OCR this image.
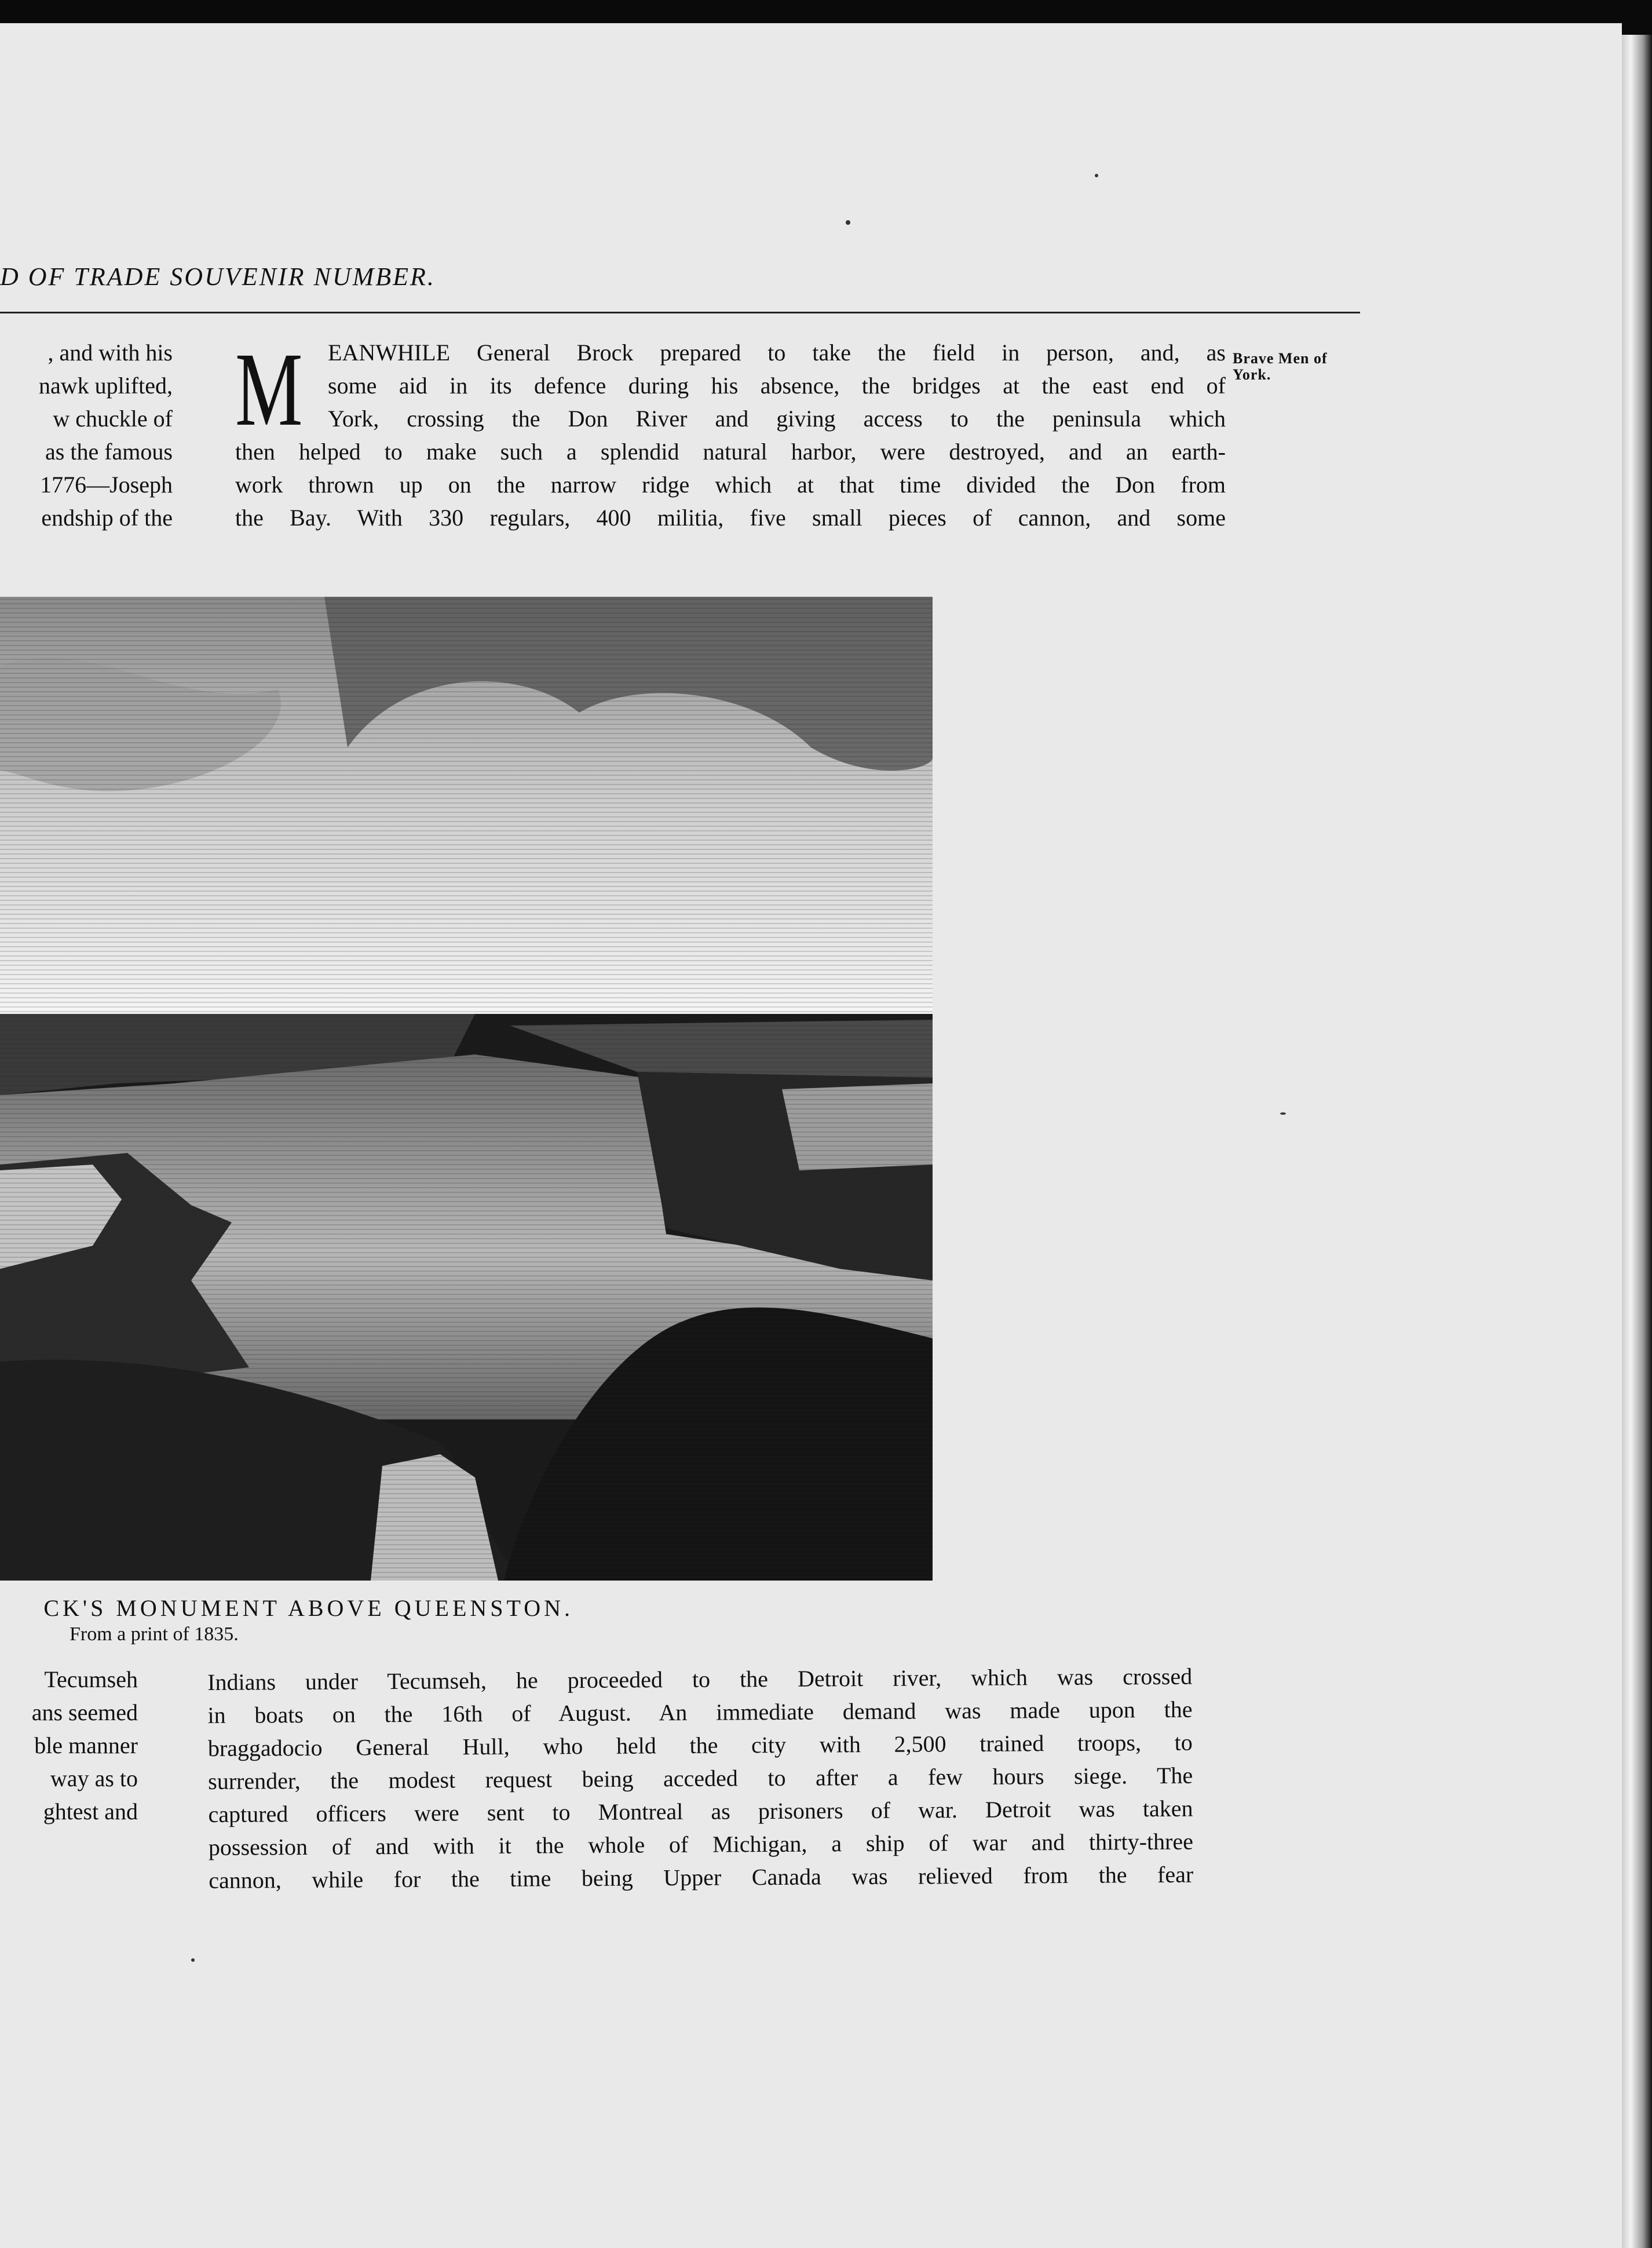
D OF TRADE SOUVENIR NUMBER.

, and with his

nawk uplifted,

w chuckle of

as the famous

1776—Joseph

endship of the

M	EANWHILE General Brock prepared to take the field in person, and, as

some aid in its defence during his absence, the bridges at the east end of

York, crossing the Don River and giving access to the peninsula which

then helped to make such a splendid natural harbor, were destroyed, and an earth-

work thrown up on the narrow ridge which at that time divided the Don from

the Bay. With 330 regulars, 400 militia, five small pieces of cannon, and some

Brave Men of
York.
CK'S MONUMENT ABOVE QUEENSTON.
From a print of 1835.

Tecumseh

ans seemed

ble manner

way as to

ghtest and

Indians under Tecumseh, he proceeded to the Detroit river, which was crossed

in boats on the 16th of August. An immediate demand was made upon the

braggadocio General Hull, who held the city with 2,500 trained troops, to

surrender, the modest request being acceded to after a few hours siege. The

captured officers were sent to Montreal as prisoners of war. Detroit was taken

possession of and with it the whole of Michigan, a ship of war and thirty-three

cannon, while for the time being Upper Canada was relieved from the fear
